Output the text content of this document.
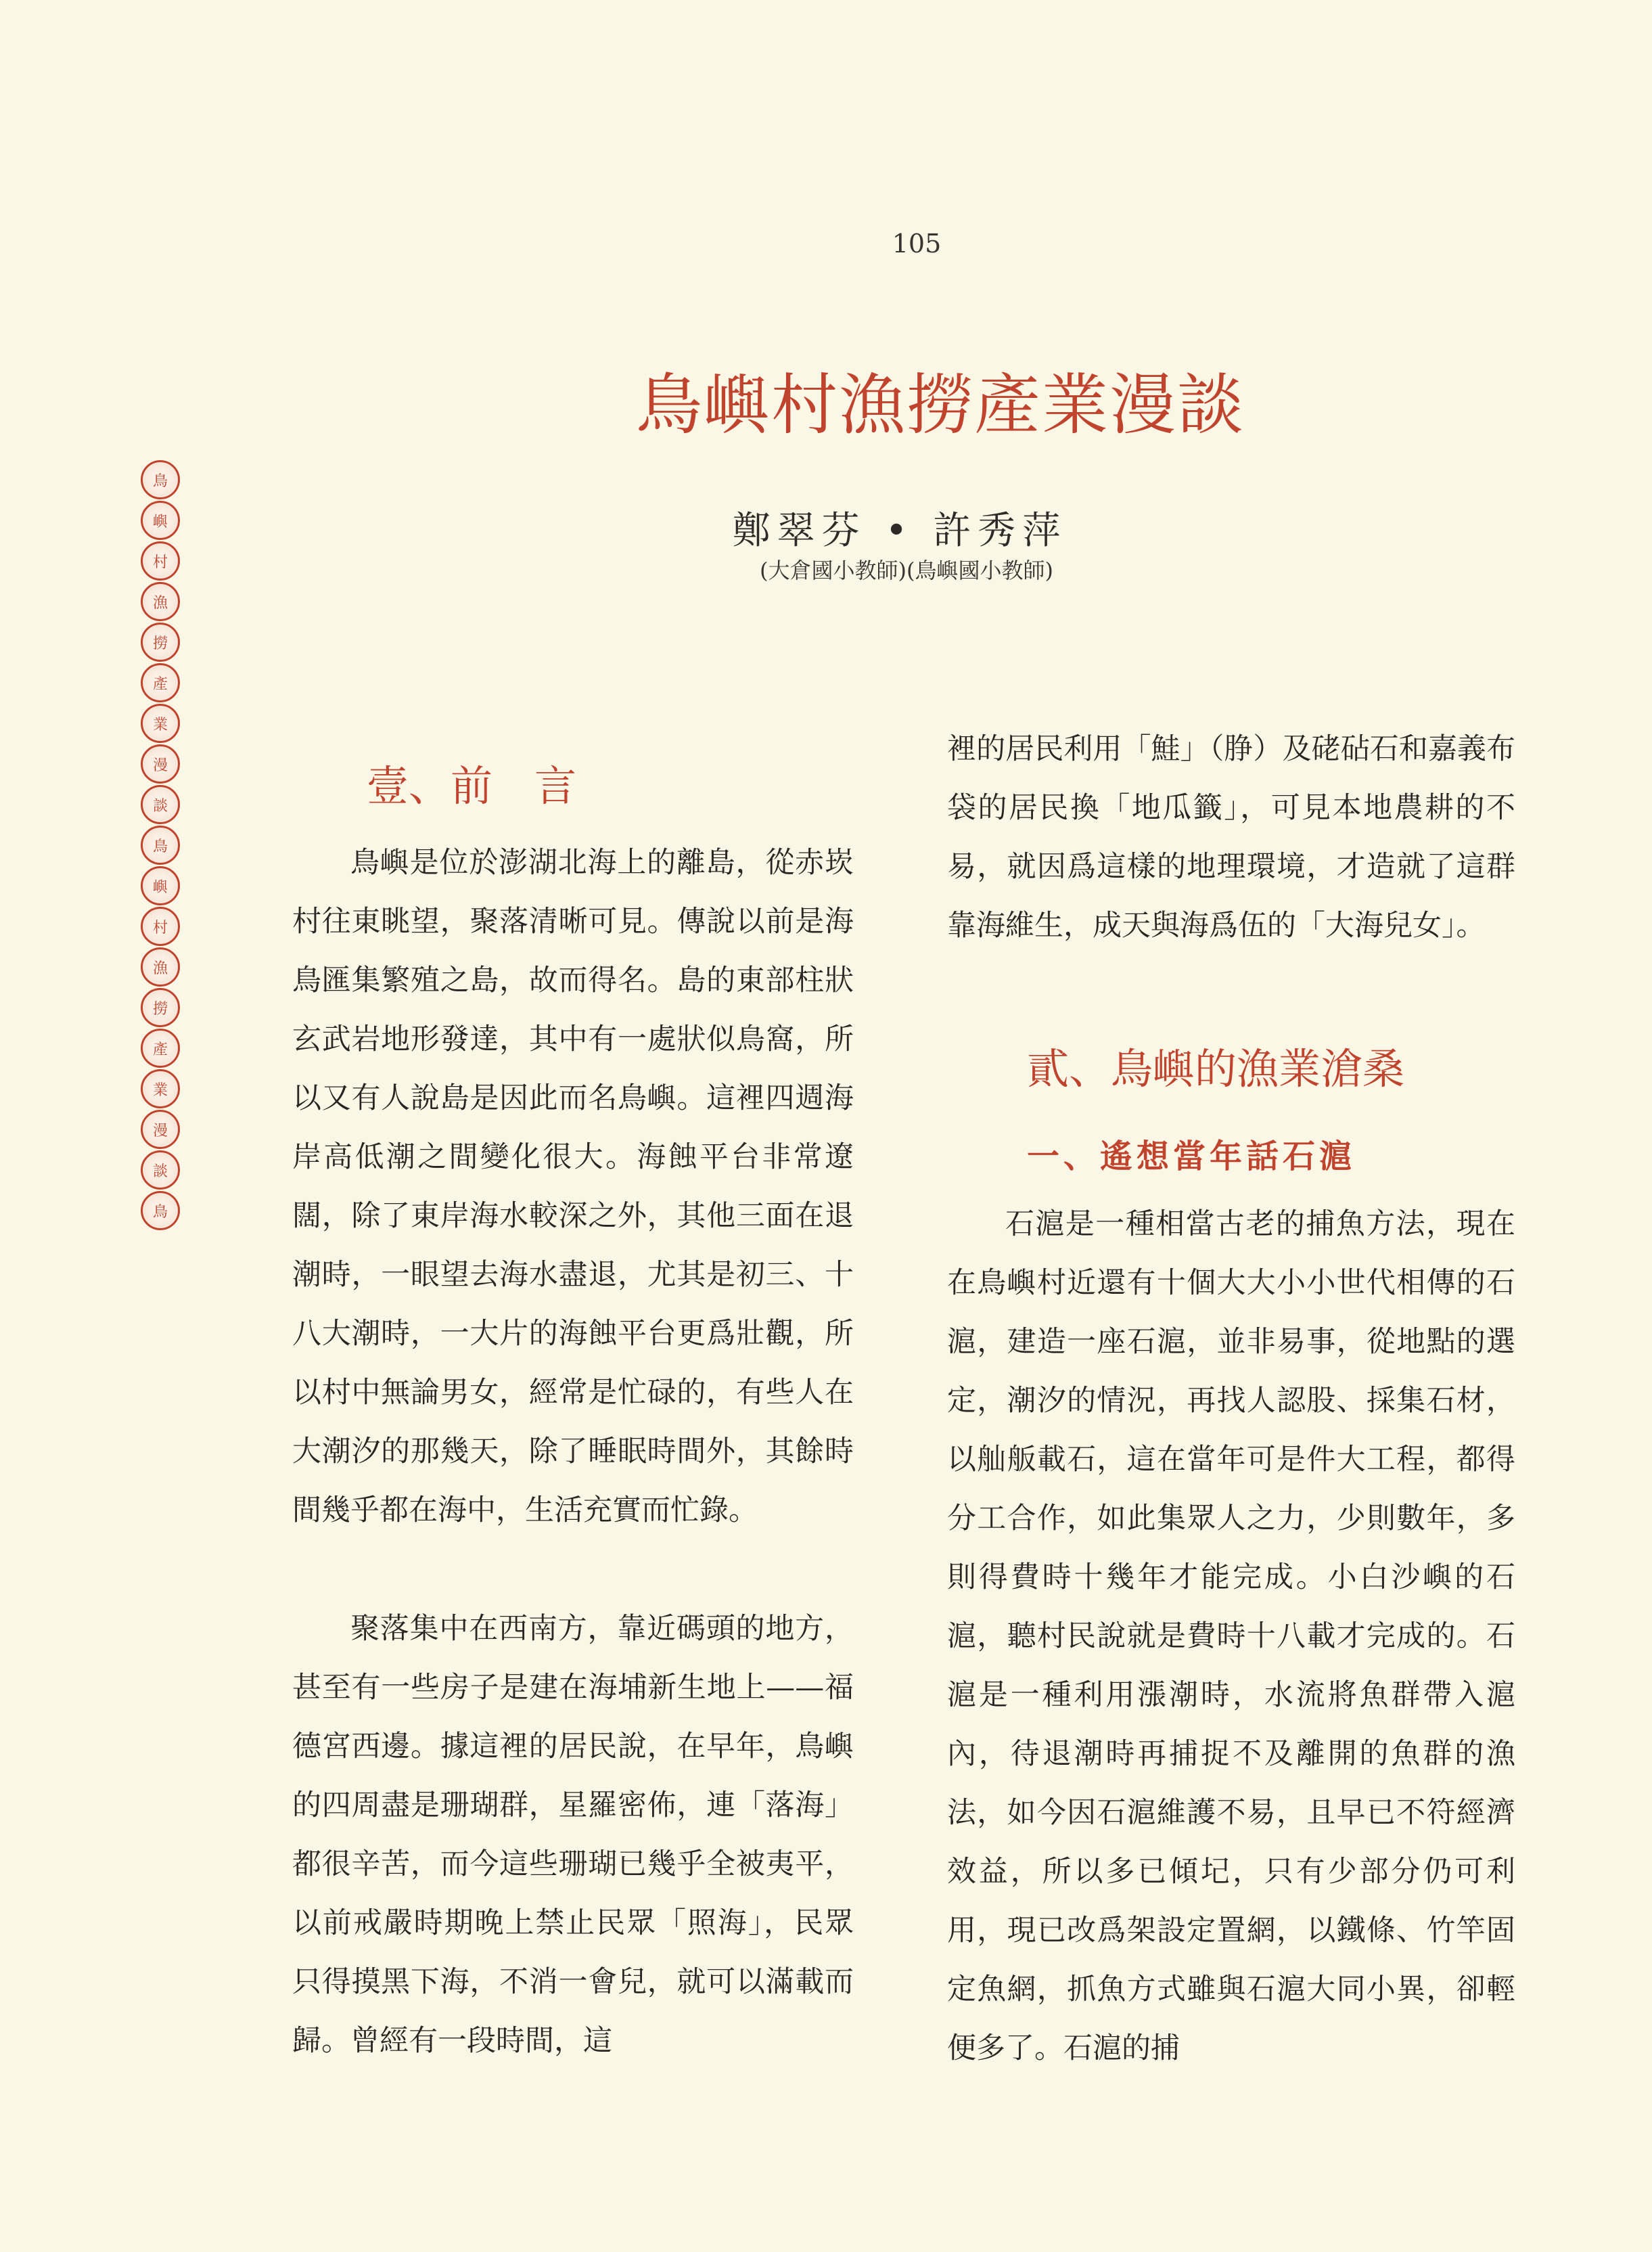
105
鳥嶼村漁撈產業漫談
鄭翠芬 • 許秀萍
(大倉國小教師)(鳥嶼國小教師)
鳥
嶼
村
漁
撈
產
業
漫
談
鳥
嶼
村
漁
撈
產
業
漫
談
鳥
壹、前　言

鳥嶼是位於澎湖北海上的離島，從赤崁村往東眺望，聚落清晰可見。傳說以前是海鳥匯集繁殖之島，故而得名。島的東部柱狀玄武岩地形發達，其中有一處狀似鳥窩，所以又有人說島是因此而名鳥嶼。這裡四週海岸高低潮之間變化很大。海蝕平台非常遼闊，除了東岸海水較深之外，其他三面在退潮時，一眼望去海水盡退，尤其是初三、十八大潮時，一大片的海蝕平台更爲壯觀，所以村中無論男女，經常是忙碌的，有些人在大潮汐的那幾天，除了睡眠時間外，其餘時間幾乎都在海中，生活充實而忙錄。

聚落集中在西南方，靠近碼頭的地方，甚至有一些房子是建在海埔新生地上——福德宮西邊。據這裡的居民說，在早年，鳥嶼的四周盡是珊瑚群，星羅密佈，連「落海」都很辛苦，而今這些珊瑚已幾乎全被夷平，以前戒嚴時期晚上禁止民眾「照海」，民眾只得摸黑下海，不消一會兒，就可以滿載而歸。曾經有一段時間，這

裡的居民利用「鮭」（㬹）及硓砧石和嘉義布袋的居民換「地瓜籤」，可見本地農耕的不易，就因爲這樣的地理環境，才造就了這群靠海維生，成天與海爲伍的「大海兒女」。

貳、鳥嶼的漁業滄桑
一、遙想當年話石滬

石滬是一種相當古老的捕魚方法，現在在鳥嶼村近還有十個大大小小世代相傳的石滬，建造一座石滬，並非易事，從地點的選定，潮汐的情況，再找人認股、採集石材，以舢舨載石，這在當年可是件大工程，都得分工合作，如此集眾人之力，少則數年，多則得費時十幾年才能完成。小白沙嶼的石滬，聽村民說就是費時十八載才完成的。石滬是一種利用漲潮時，水流將魚群帶入滬內，待退潮時再捕捉不及離開的魚群的漁法，如今因石滬維護不易，且早已不符經濟效益，所以多已傾圮，只有少部分仍可利用，現已改爲架設定置網，以鐵條、竹竿固定魚網，抓魚方式雖與石滬大同小異，卻輕便多了。石滬的捕
